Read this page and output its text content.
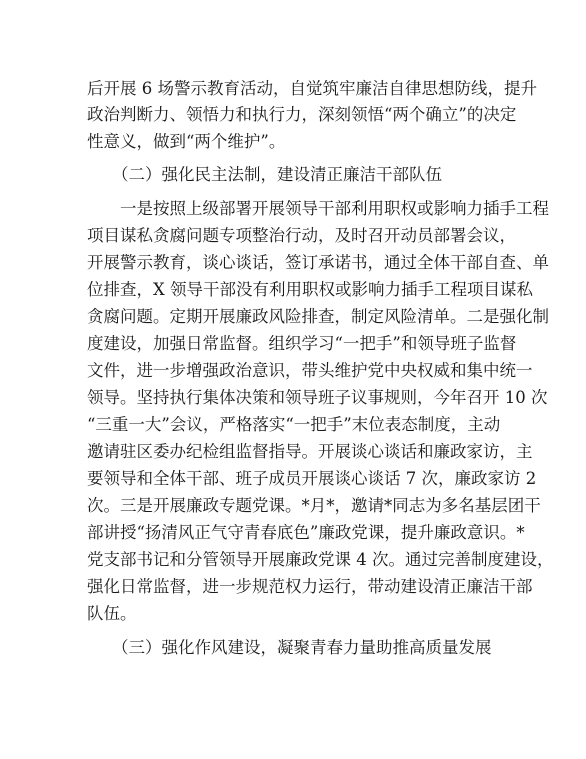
后开展 6 场警示教育活动，自觉筑牢廉洁自律思想防线，提升

政治判断力、领悟力和执行力，深刻领悟“两个确立”的决定

性意义，做到“两个维护”。

（二）强化民主法制，建设清正廉洁干部队伍

一是按照上级部署开展领导干部利用职权或影响力插手工程

项目谋私贪腐问题专项整治行动，及时召开动员部署会议，

开展警示教育，谈心谈话，签订承诺书，通过全体干部自查、单

位排查，X 领导干部没有利用职权或影响力插手工程项目谋私

贪腐问题。定期开展廉政风险排查，制定风险清单。二是强化制

度建设，加强日常监督。组织学习“一把手”和领导班子监督

文件，进一步增强政治意识，带头维护党中央权威和集中统一

领导。坚持执行集体决策和领导班子议事规则，今年召开 10 次

“三重一大”会议，严格落实“一把手”末位表态制度，主动

邀请驻区委办纪检组监督指导。开展谈心谈话和廉政家访，主

要领导和全体干部、班子成员开展谈心谈话 7 次，廉政家访 2

次。三是开展廉政专题党课。*月*，邀请*同志为多名基层团干

部讲授“扬清风正气守青春底色”廉政党课，提升廉政意识。*

党支部书记和分管领导开展廉政党课 4 次。通过完善制度建设，

强化日常监督，进一步规范权力运行，带动建设清正廉洁干部

队伍。

（三）强化作风建设，凝聚青春力量助推高质量发展
